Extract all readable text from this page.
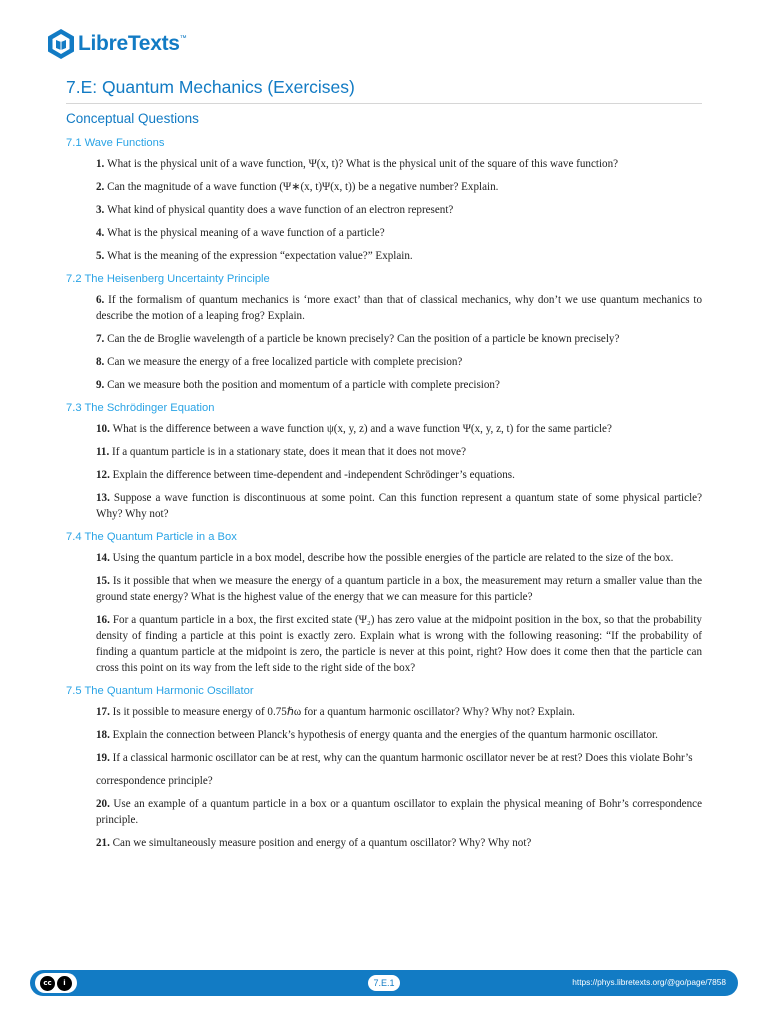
LibreTexts ™
7.E: Quantum Mechanics (Exercises)
Conceptual Questions
7.1 Wave Functions
1. What is the physical unit of a wave function, Ψ(x, t)? What is the physical unit of the square of this wave function?
2. Can the magnitude of a wave function (Ψ∗(x, t)Ψ(x, t)) be a negative number? Explain.
3. What kind of physical quantity does a wave function of an electron represent?
4. What is the physical meaning of a wave function of a particle?
5. What is the meaning of the expression “expectation value?” Explain.
7.2 The Heisenberg Uncertainty Principle
6. If the formalism of quantum mechanics is ‘more exact’ than that of classical mechanics, why don’t we use quantum mechanics to describe the motion of a leaping frog? Explain.
7. Can the de Broglie wavelength of a particle be known precisely? Can the position of a particle be known precisely?
8. Can we measure the energy of a free localized particle with complete precision?
9. Can we measure both the position and momentum of a particle with complete precision?
7.3 The Schrödinger Equation
10. What is the difference between a wave function ψ(x, y, z) and a wave function Ψ(x, y, z, t) for the same particle?
11. If a quantum particle is in a stationary state, does it mean that it does not move?
12. Explain the difference between time-dependent and -independent Schrödinger’s equations.
13. Suppose a wave function is discontinuous at some point. Can this function represent a quantum state of some physical particle? Why? Why not?
7.4 The Quantum Particle in a Box
14. Using the quantum particle in a box model, describe how the possible energies of the particle are related to the size of the box.
15. Is it possible that when we measure the energy of a quantum particle in a box, the measurement may return a smaller value than the ground state energy? What is the highest value of the energy that we can measure for this particle?
16. For a quantum particle in a box, the first excited state (Ψ₂) has zero value at the midpoint position in the box, so that the probability density of finding a particle at this point is exactly zero. Explain what is wrong with the following reasoning: “If the probability of finding a quantum particle at the midpoint is zero, the particle is never at this point, right? How does it come then that the particle can cross this point on its way from the left side to the right side of the box?
7.5 The Quantum Harmonic Oscillator
17. Is it possible to measure energy of 0.75ℏω for a quantum harmonic oscillator? Why? Why not? Explain.
18. Explain the connection between Planck’s hypothesis of energy quanta and the energies of the quantum harmonic oscillator.
19. If a classical harmonic oscillator can be at rest, why can the quantum harmonic oscillator never be at rest? Does this violate Bohr’s
correspondence principle?
20. Use an example of a quantum particle in a box or a quantum oscillator to explain the physical meaning of Bohr’s correspondence principle.
21. Can we simultaneously measure position and energy of a quantum oscillator? Why? Why not?
cc	i	7.E.1	https://phys.libretexts.org/@go/page/7858
